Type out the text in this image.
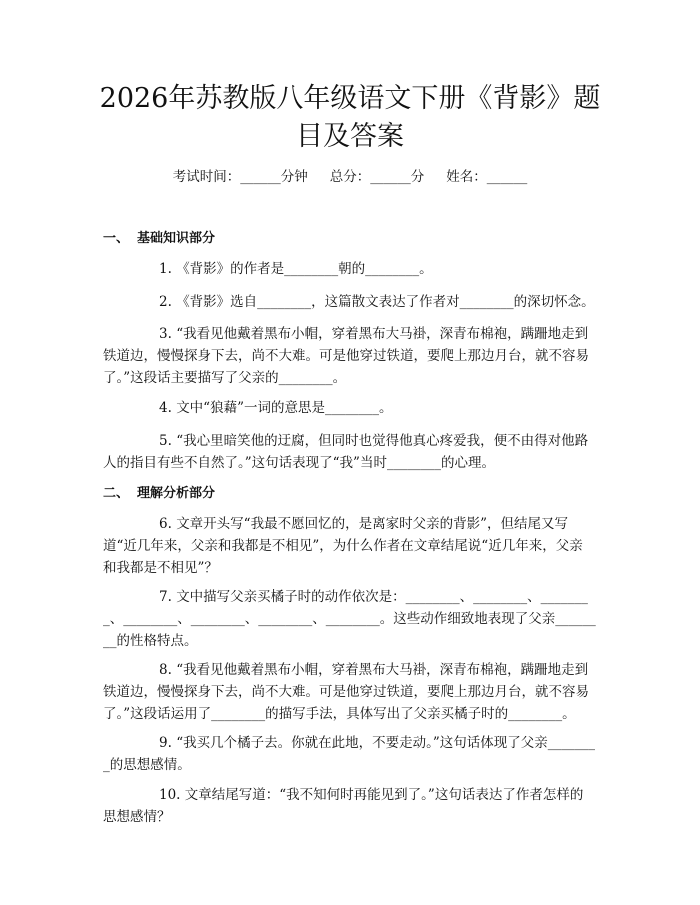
2026年苏教版八年级语文下册《背影》题目及答案
考试时间：______分钟 总分：______分 姓名：______
一、 基础知识部分

1. 《背影》的作者是________朝的________。

2. 《背影》选自________，这篇散文表达了作者对________的深切怀念。

3. “我看见他戴着黑布小帽，穿着黑布大马褂，深青布棉袍，蹒跚地走到铁道边，慢慢探身下去，尚不大难。可是他穿过铁道，要爬上那边月台，就不容易了。”这段话主要描写了父亲的________。

4. 文中“狼藉”一词的意思是________。

5. “我心里暗笑他的迂腐，但同时也觉得他真心疼爱我，便不由得对他路人的指目有些不自然了。”这句话表现了“我”当时________的心理。

二、 理解分析部分

6. 文章开头写“我最不愿回忆的，是离家时父亲的背影”，但结尾又写道“近几年来，父亲和我都是不相见”，为什么作者在文章结尾说“近几年来，父亲和我都是不相见”？

7. 文中描写父亲买橘子时的动作依次是：________、________、________、________、________、________、________。这些动作细致地表现了父亲________的性格特点。

8. “我看见他戴着黑布小帽，穿着黑布大马褂，深青布棉袍，蹒跚地走到铁道边，慢慢探身下去，尚不大难。可是他穿过铁道，要爬上那边月台，就不容易了。”这段话运用了________的描写手法，具体写出了父亲买橘子时的________。

9. “我买几个橘子去。你就在此地，不要走动。”这句话体现了父亲________的思想感情。

10. 文章结尾写道：“我不知何时再能见到了。”这句话表达了作者怎样的思想感情？
